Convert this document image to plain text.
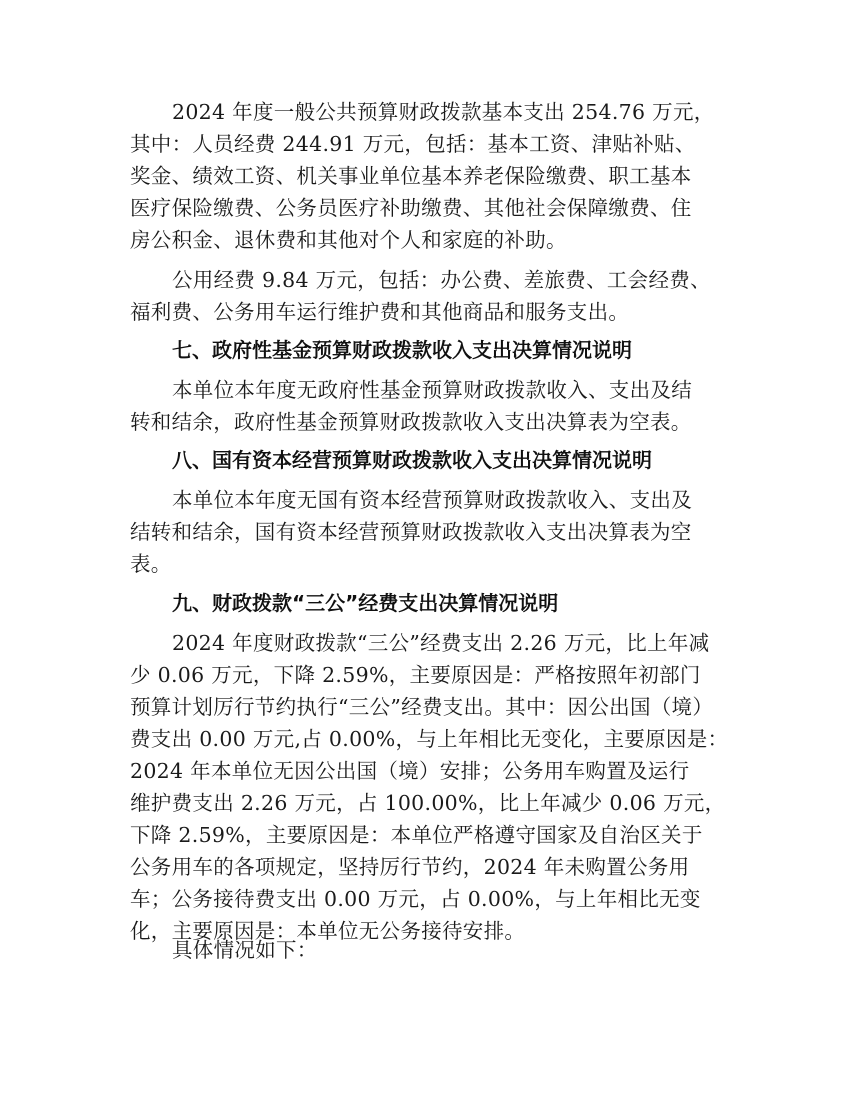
2024 年度一般公共预算财政拨款基本支出 254.76 万元，
其中：人员经费 244.91 万元，包括：基本工资、津贴补贴、
奖金、绩效工资、机关事业单位基本养老保险缴费、职工基本
医疗保险缴费、公务员医疗补助缴费、其他社会保障缴费、住
房公积金、退休费和其他对个人和家庭的补助。
公用经费 9.84 万元，包括：办公费、差旅费、工会经费、
福利费、公务用车运行维护费和其他商品和服务支出。
七、政府性基金预算财政拨款收入支出决算情况说明
本单位本年度无政府性基金预算财政拨款收入、支出及结
转和结余，政府性基金预算财政拨款收入支出决算表为空表。
八、国有资本经营预算财政拨款收入支出决算情况说明
本单位本年度无国有资本经营预算财政拨款收入、支出及
结转和结余，国有资本经营预算财政拨款收入支出决算表为空
表。
九、财政拨款“三公”经费支出决算情况说明
2024 年度财政拨款“三公”经费支出 2.26 万元，比上年减
少 0.06 万元，下降 2.59%，主要原因是：严格按照年初部门
预算计划厉行节约执行“三公”经费支出。其中：因公出国（境）
费支出 0.00 万元,占 0.00%，与上年相比无变化，主要原因是：
2024 年本单位无因公出国（境）安排；公务用车购置及运行
维护费支出 2.26 万元，占 100.00%，比上年减少 0.06 万元，
下降 2.59%，主要原因是：本单位严格遵守国家及自治区关于
公务用车的各项规定，坚持厉行节约，2024 年未购置公务用
车；公务接待费支出 0.00 万元，占 0.00%，与上年相比无变
化，主要原因是：本单位无公务接待安排。
具体情况如下：
